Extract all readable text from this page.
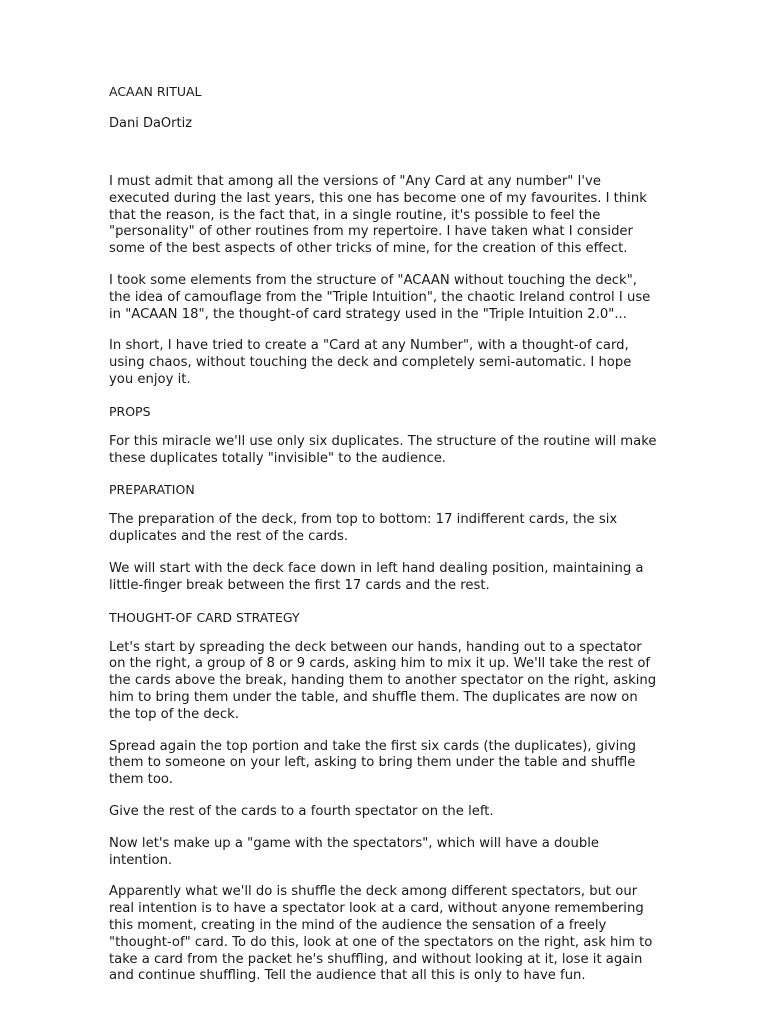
ACAAN RITUAL

Dani DaOrtiz

I must admit that among all the versions of "Any Card at any number" I've executed during the last years, this one has become one of my favourites. I think that the reason, is the fact that, in a single routine, it's possible to feel the "personality" of other routines from my repertoire. I have taken what I consider some of the best aspects of other tricks of mine, for the creation of this effect.

I took some elements from the structure of "ACAAN without touching the deck", the idea of camouflage from the "Triple Intuition", the chaotic Ireland control I use in "ACAAN 18", the thought-of card strategy used in the "Triple Intuition 2.0"...

In short, I have tried to create a "Card at any Number", with a thought-of card, using chaos, without touching the deck and completely semi-automatic. I hope you enjoy it.

PROPS

For this miracle we'll use only six duplicates. The structure of the routine will make these duplicates totally "invisible" to the audience.

PREPARATION

The preparation of the deck, from top to bottom: 17 indifferent cards, the six duplicates and the rest of the cards.

We will start with the deck face down in left hand dealing position, maintaining a little-finger break between the first 17 cards and the rest.

THOUGHT-OF CARD STRATEGY

Let's start by spreading the deck between our hands, handing out to a spectator on the right, a group of 8 or 9 cards, asking him to mix it up. We'll take the rest of the cards above the break, handing them to another spectator on the right, asking him to bring them under the table, and shuffle them. The duplicates are now on the top of the deck.

Spread again the top portion and take the first six cards (the duplicates), giving them to someone on your left, asking to bring them under the table and shuffle them too.

Give the rest of the cards to a fourth spectator on the left.

Now let's make up a "game with the spectators", which will have a double intention.

Apparently what we'll do is shuffle the deck among different spectators, but our real intention is to have a spectator look at a card, without anyone remembering this moment, creating in the mind of the audience the sensation of a freely "thought-of" card. To do this, look at one of the spectators on the right, ask him to take a card from the packet he's shuffling, and without looking at it, lose it again and continue shuffling. Tell the audience that all this is only to have fun.
